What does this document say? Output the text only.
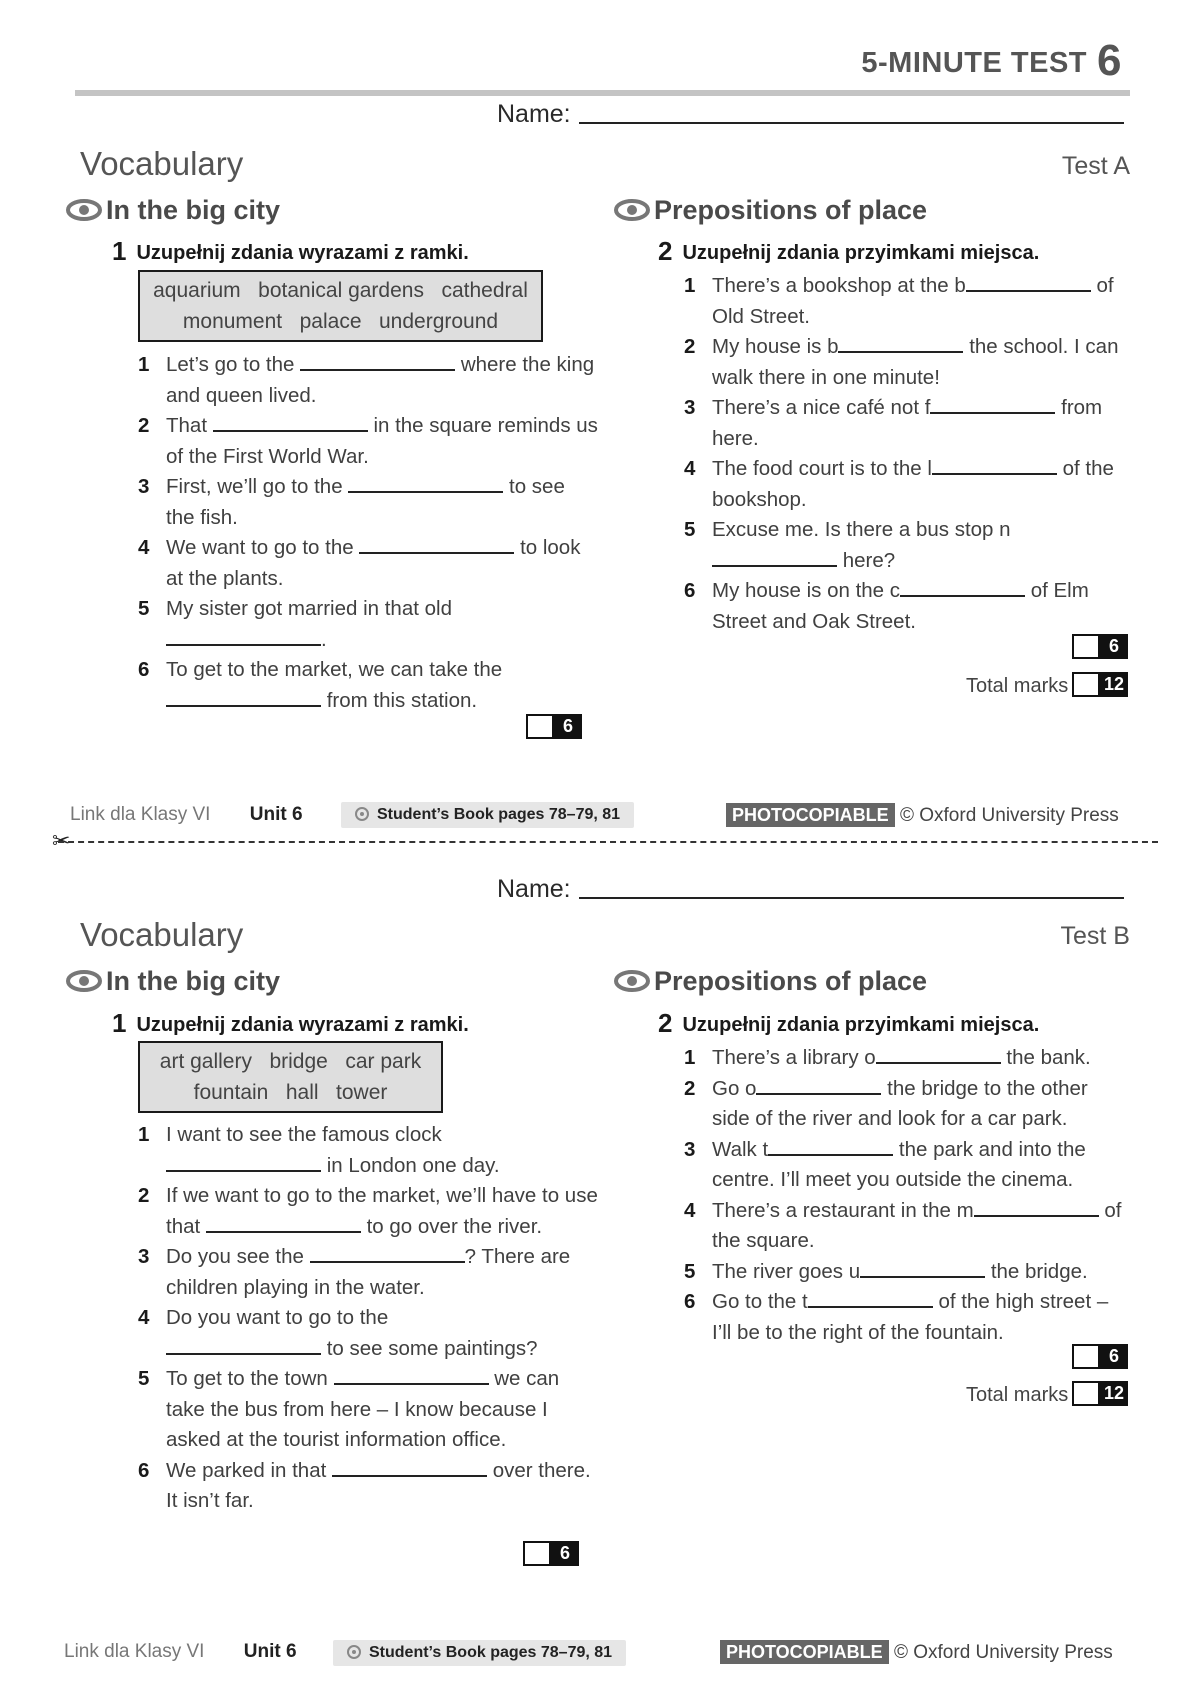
5-MINUTE TEST 6
Name:
Vocabulary	Test A
In the big city
1 Uzupełnij zdania wyrazami z ramki.
aquarium   botanical gardens   cathedral
monument   palace   underground
1 Let’s go to the	where the king and queen lived.
2 That	in the square reminds us of the First World War.
3 First, we’ll go to the	to see the fish.
4 We want to go to the	to look at the plants.
5 My sister got married in that old
.
6 To get to the market, we can take the
from this station.
6
Prepositions of place
2 Uzupełnij zdania przyimkami miejsca.
1 There’s a bookshop at the b	of Old Street.
2 My house is b	the school. I can walk there in one minute!
3 There’s a nice café not f	from here.
4 The food court is to the l	of the bookshop.
5 Excuse me. Is there a bus stop n here?
6 My house is on the c	of Elm Street and Oak Street.
6
Total marks 12
Link dla Klasy VI Unit 6	Student’s Book pages 78–79, 81	PHOTOCOPIABLE © Oxford University Press
✂
Name:
Vocabulary	Test B
In the big city
1 Uzupełnij zdania wyrazami z ramki.
art gallery   bridge   car park
fountain   hall   tower
1 I want to see the famous clock
in London one day.
2 If we want to go to the market, we’ll have to use that	to go over the river.
3 Do you see the	? There are children playing in the water.
4 Do you want to go to the
to see some paintings?
5 To get to the town	we can take the bus from here – I know because I asked at the tourist information office.
6 We parked in that	over there. It isn’t far.
6
Prepositions of place
2 Uzupełnij zdania przyimkami miejsca.
1 There’s a library o	the bank.
2 Go o	the bridge to the other side of the river and look for a car park.
3 Walk t	the park and into the centre. I’ll meet you outside the cinema.
4 There’s a restaurant in the m	of the square.
5 The river goes u	the bridge.
6 Go to the t	of the high street – I’ll be to the right of the fountain.
6
Total marks 12
Link dla Klasy VI Unit 6	Student’s Book pages 78–79, 81	PHOTOCOPIABLE © Oxford University Press
